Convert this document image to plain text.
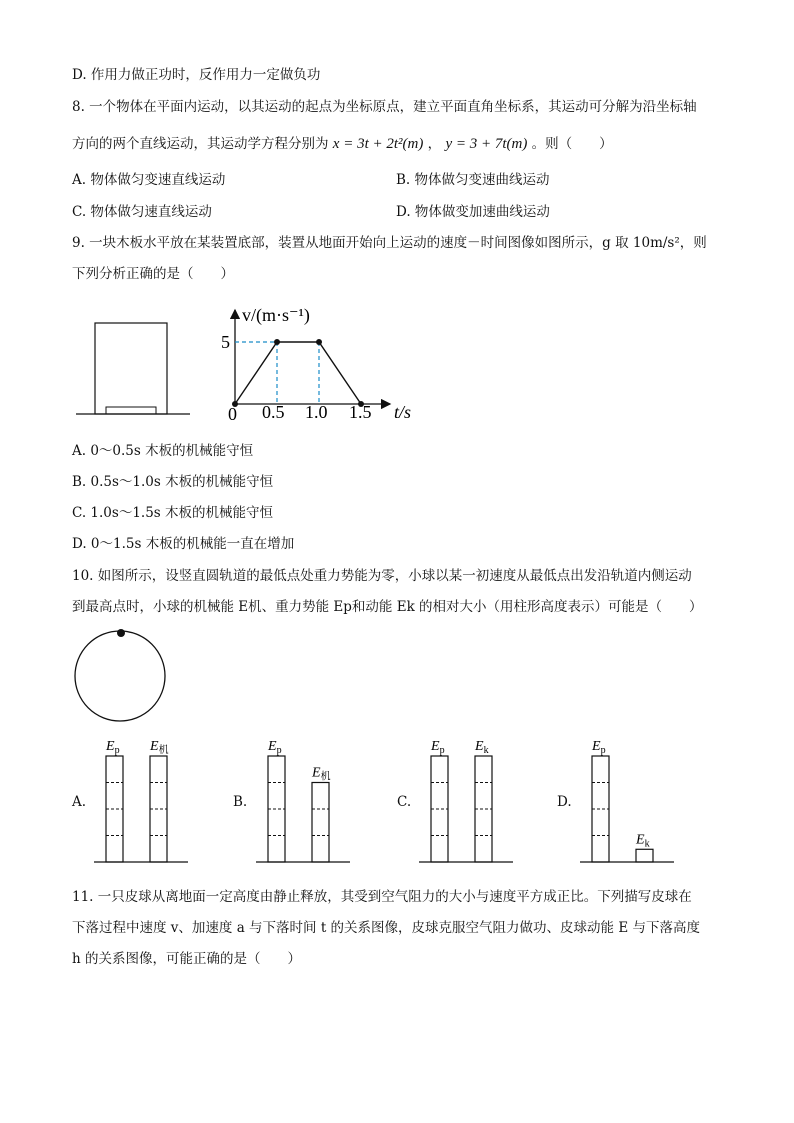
D. 作用力做正功时，反作用力一定做负功
8. 一个物体在平面内运动，以其运动的起点为坐标原点，建立平面直角坐标系，其运动可分解为沿坐标轴
方向的两个直线运动，其运动学方程分别为 x = 3t + 2t²(m) ， y = 3 + 7t(m) 。则（　　）
A. 物体做匀变速直线运动	B. 物体做匀变速曲线运动
C. 物体做匀速直线运动	D. 物体做变加速曲线运动
9. 一块木板水平放在某装置底部，装置从地面开始向上运动的速度－时间图像如图所示，g 取 10m/s²，则
下列分析正确的是（　　）
v/(m·s⁻¹)
5
0 0.5 1.0 1.5 t/s
A. 0～0.5s 木板的机械能守恒
B. 0.5s～1.0s 木板的机械能守恒
C. 1.0s～1.5s 木板的机械能守恒
D. 0～1.5s 木板的机械能一直在增加
10. 如图所示，设竖直圆轨道的最低点处重力势能为零，小球以某一初速度从最低点出发沿轨道内侧运动
到最高点时，小球的机械能 E机、重力势能 Ep和动能 Ek 的相对大小（用柱形高度表示）可能是（　　）
A.
$E_p$ $E_机$
B.
$E_p$
$E_机$
C.
$E_p$ $E_k$
D.
$E_p$
$E_k$
11. 一只皮球从离地面一定高度由静止释放，其受到空气阻力的大小与速度平方成正比。下列描写皮球在
下落过程中速度 v、加速度 a 与下落时间 t 的关系图像，皮球克服空气阻力做功、皮球动能 E 与下落高度
h 的关系图像，可能正确的是（　　）
